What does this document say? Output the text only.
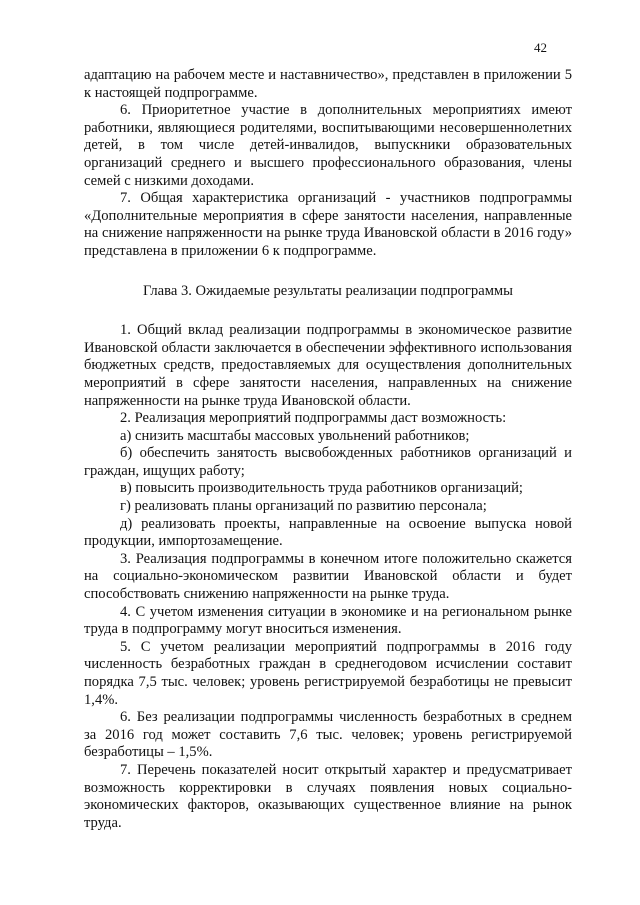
42

адаптацию на рабочем месте и наставничество», представлен в приложении 5 к настоящей подпрограмме.

6. Приоритетное участие в дополнительных мероприятиях имеют работники, являющиеся родителями, воспитывающими несовершеннолетних детей, в том числе детей-инвалидов, выпускники образовательных организаций среднего и высшего профессионального образования, члены семей с низкими доходами.

7. Общая характеристика организаций - участников подпрограммы «Дополнительные мероприятия в сфере занятости населения, направленные на снижение напряженности на рынке труда Ивановской области в 2016 году» представлена в приложении 6 к подпрограмме.

Глава 3. Ожидаемые результаты реализации подпрограммы

1. Общий вклад реализации подпрограммы в экономическое развитие Ивановской области заключается в обеспечении эффективного использования бюджетных средств, предоставляемых для осуществления дополнительных мероприятий в сфере занятости населения, направленных на снижение напряженности на рынке труда Ивановской области.

2. Реализация мероприятий подпрограммы даст возможность:

а) снизить масштабы массовых увольнений работников;

б) обеспечить занятость высвобожденных работников организаций и граждан, ищущих работу;

в) повысить производительность труда работников организаций;

г) реализовать планы организаций по развитию персонала;

д) реализовать проекты, направленные на освоение выпуска новой продукции, импортозамещение.

3. Реализация подпрограммы в конечном итоге положительно скажется на социально-экономическом развитии Ивановской области и будет способствовать снижению напряженности на рынке труда.

4. С учетом изменения ситуации в экономике и на региональном рынке труда в подпрограмму могут вноситься изменения.

5. С учетом реализации мероприятий подпрограммы в 2016 году численность безработных граждан в среднегодовом исчислении составит порядка 7,5 тыс. человек; уровень регистрируемой безработицы не превысит 1,4%.

6. Без реализации подпрограммы численность безработных в среднем за 2016 год может составить 7,6 тыс. человек; уровень регистрируемой безработицы – 1,5%.

7. Перечень показателей носит открытый характер и предусматривает возможность корректировки в случаях появления новых социально-экономических факторов, оказывающих существенное влияние на рынок труда.
